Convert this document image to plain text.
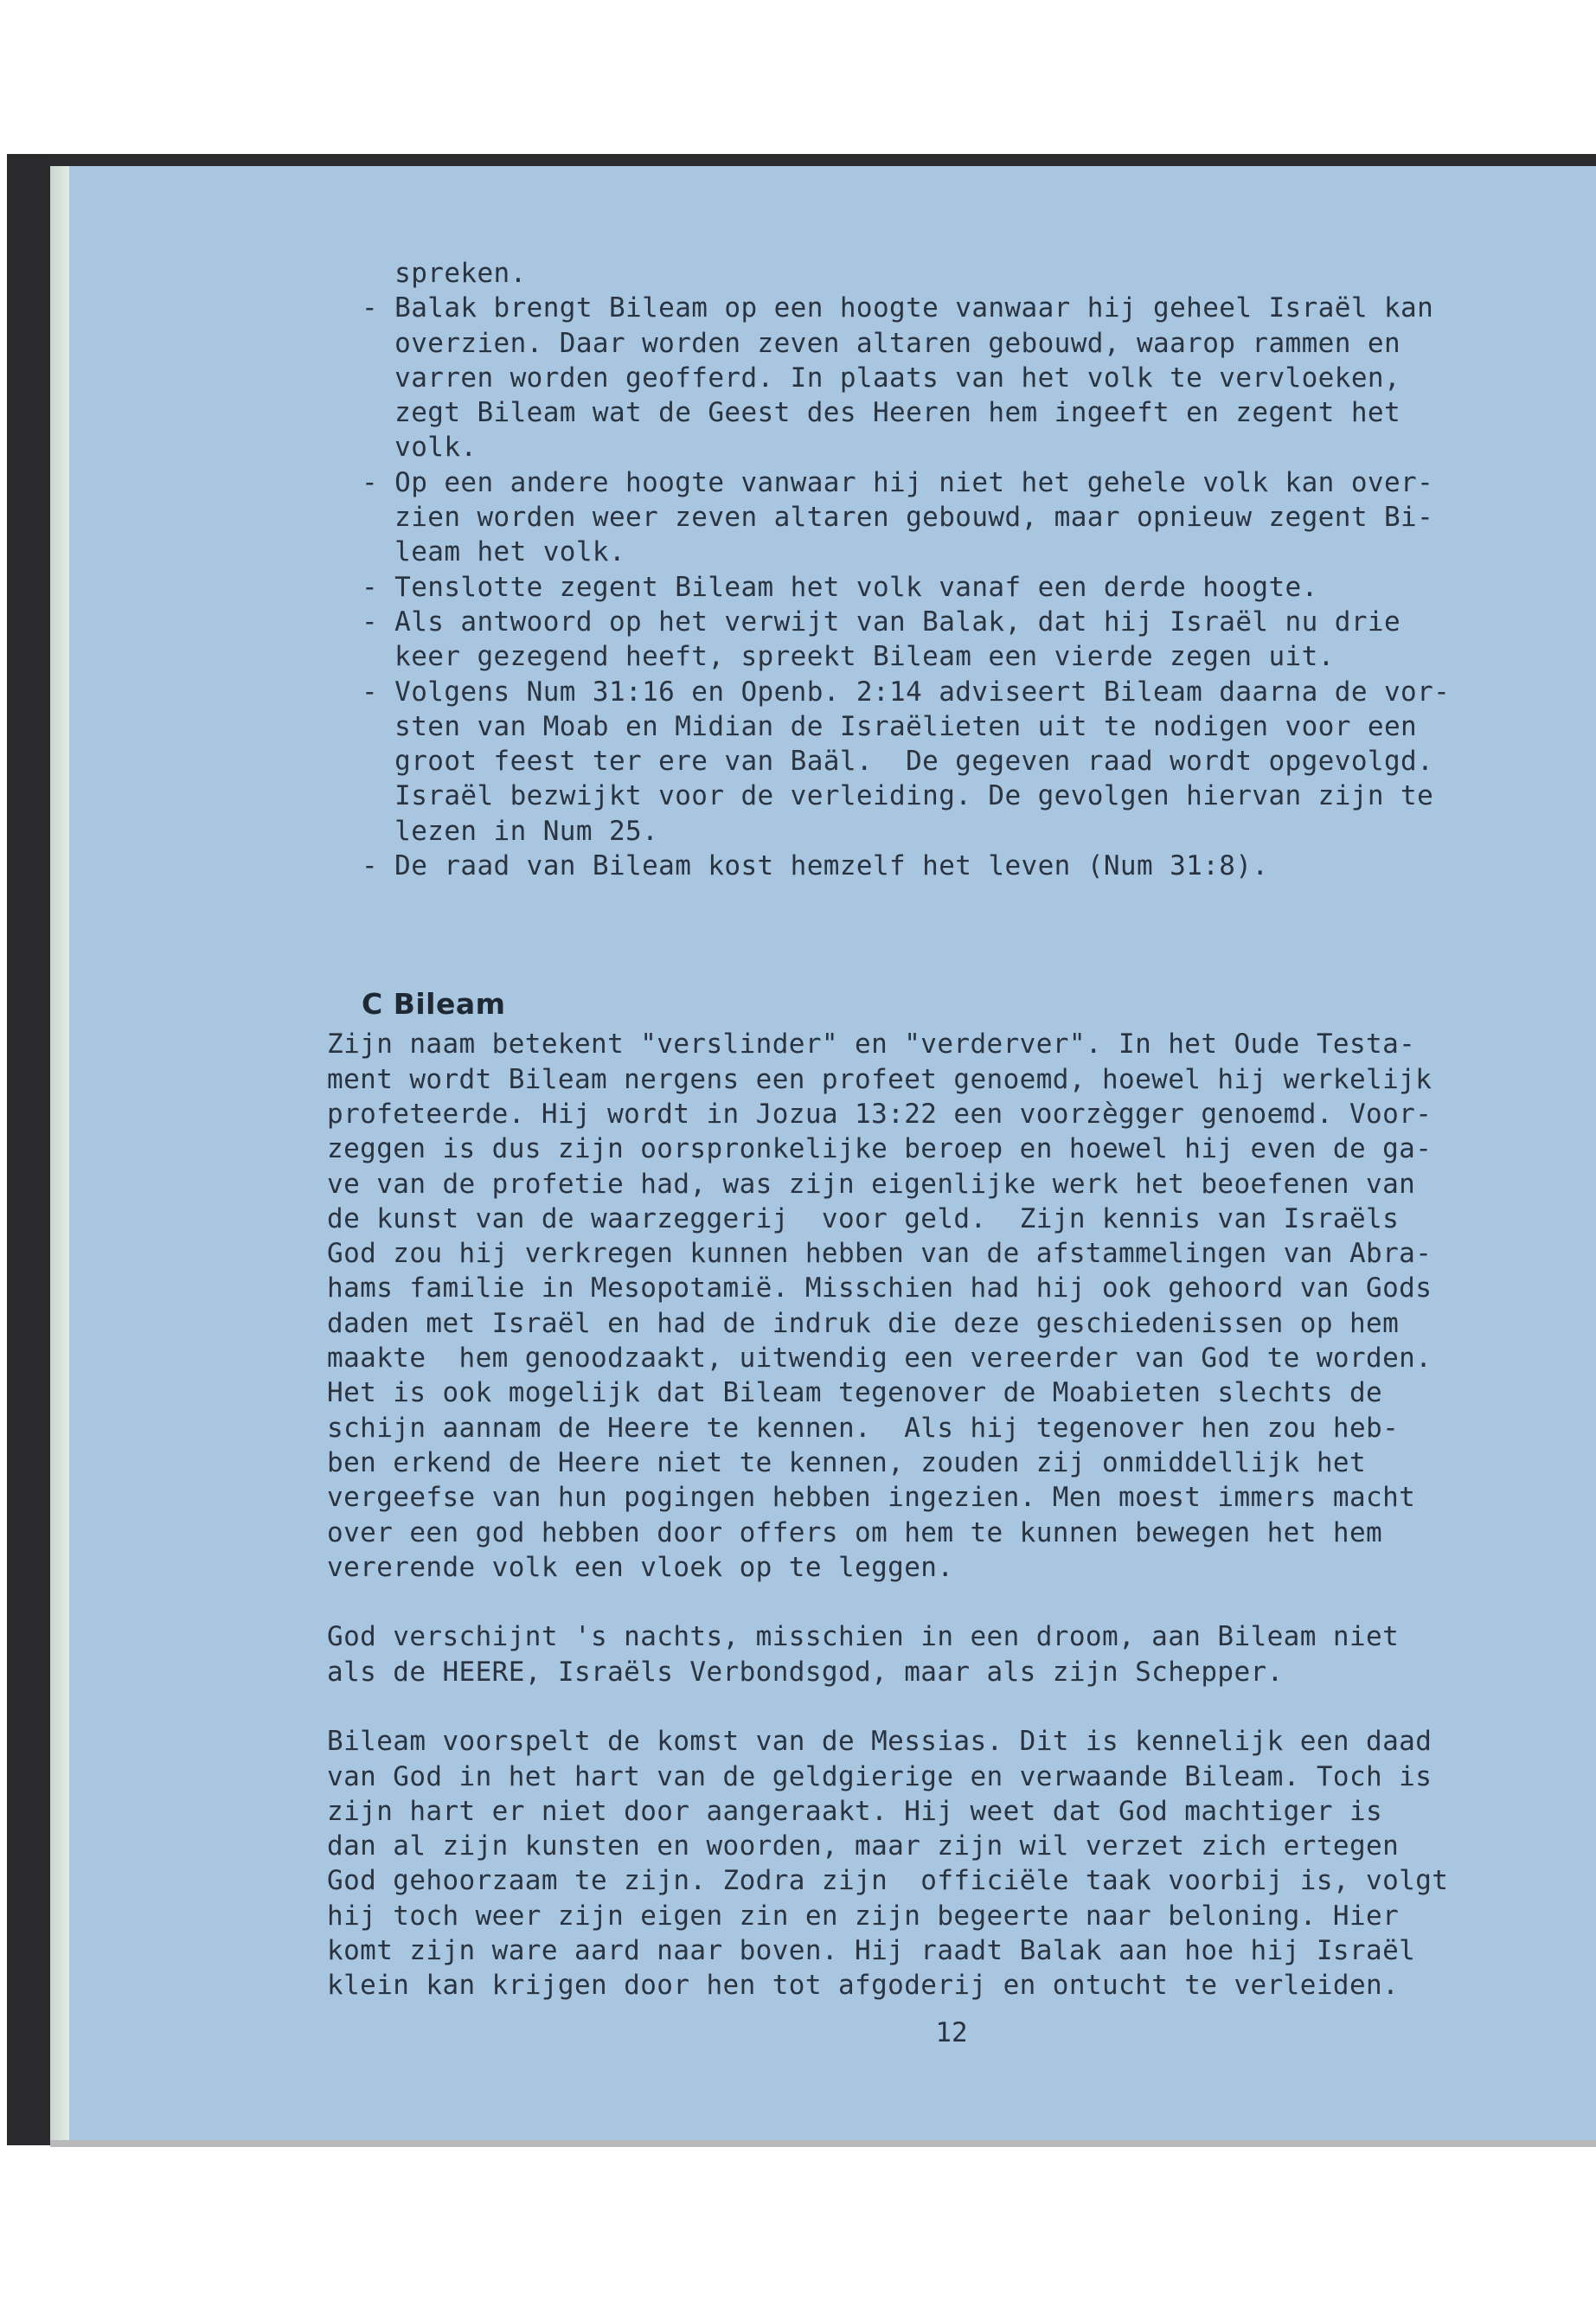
spreken.
- Balak brengt Bileam op een hoogte vanwaar hij geheel Israël kan
overzien. Daar worden zeven altaren gebouwd, waarop rammen en
varren worden geofferd. In plaats van het volk te vervloeken,
zegt Bileam wat de Geest des Heeren hem ingeeft en zegent het
volk.
- Op een andere hoogte vanwaar hij niet het gehele volk kan over-
zien worden weer zeven altaren gebouwd, maar opnieuw zegent Bi-
leam het volk.
- Tenslotte zegent Bileam het volk vanaf een derde hoogte.
- Als antwoord op het verwijt van Balak, dat hij Israël nu drie
keer gezegend heeft, spreekt Bileam een vierde zegen uit.
- Volgens Num 31:16 en Openb. 2:14 adviseert Bileam daarna de vor-
sten van Moab en Midian de Israëlieten uit te nodigen voor een
groot feest ter ere van Baäl.  De gegeven raad wordt opgevolgd.
Israël bezwijkt voor de verleiding. De gevolgen hiervan zijn te
lezen in Num 25.
- De raad van Bileam kost hemzelf het leven (Num 31:8).
C Bileam
Zijn naam betekent "verslinder" en "verderver". In het Oude Testa-
ment wordt Bileam nergens een profeet genoemd, hoewel hij werkelijk
profeteerde. Hij wordt in Jozua 13:22 een voorzègger genoemd. Voor-
zeggen is dus zijn oorspronkelijke beroep en hoewel hij even de ga-
ve van de profetie had, was zijn eigenlijke werk het beoefenen van
de kunst van de waarzeggerij  voor geld.  Zijn kennis van Israëls
God zou hij verkregen kunnen hebben van de afstammelingen van Abra-
hams familie in Mesopotamië. Misschien had hij ook gehoord van Gods
daden met Israël en had de indruk die deze geschiedenissen op hem
maakte  hem genoodzaakt, uitwendig een vereerder van God te worden.
Het is ook mogelijk dat Bileam tegenover de Moabieten slechts de
schijn aannam de Heere te kennen.  Als hij tegenover hen zou heb-
ben erkend de Heere niet te kennen, zouden zij onmiddellijk het
vergeefse van hun pogingen hebben ingezien. Men moest immers macht
over een god hebben door offers om hem te kunnen bewegen het hem
vererende volk een vloek op te leggen.
God verschijnt 's nachts, misschien in een droom, aan Bileam niet
als de HEERE, Israëls Verbondsgod, maar als zijn Schepper.
Bileam voorspelt de komst van de Messias. Dit is kennelijk een daad
van God in het hart van de geldgierige en verwaande Bileam. Toch is
zijn hart er niet door aangeraakt. Hij weet dat God machtiger is
dan al zijn kunsten en woorden, maar zijn wil verzet zich ertegen
God gehoorzaam te zijn. Zodra zijn  officiële taak voorbij is, volgt
hij toch weer zijn eigen zin en zijn begeerte naar beloning. Hier
komt zijn ware aard naar boven. Hij raadt Balak aan hoe hij Israël
klein kan krijgen door hen tot afgoderij en ontucht te verleiden.
12
